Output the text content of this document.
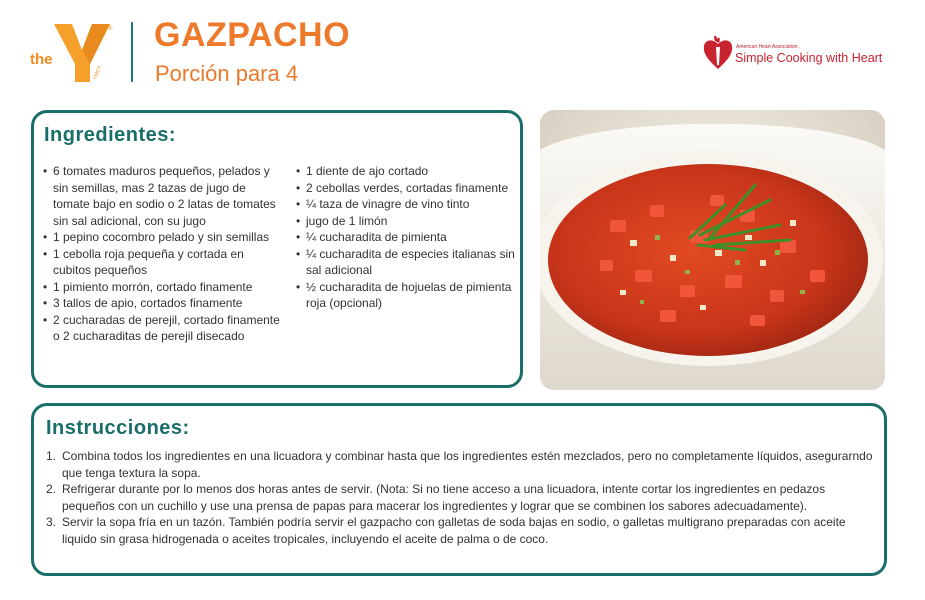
the
YMCA
® GAZPACHO
Porción para 4
American Heart Association.
Simple Cooking with Heart
Ingredientes:
• 6 tomates maduros pequeños, pelados y sin semillas, mas 2 tazas de jugo de tomate bajo en sodio o 2 latas de tomates sin sal adicional, con su jugo
• 1 pepino cocombro pelado y sin semillas
• 1 cebolla roja pequeña y cortada en cubitos pequeños
• 1 pimiento morrón, cortado finamente
• 3 tallos de apio, cortados finamente
• 2 cucharadas de perejil, cortado finamente o 2 cucharaditas de perejil disecado
• 1 diente de ajo cortado
• 2 cebollas verdes, cortadas finamente
• ¼ taza de vinagre de vino tinto
• jugo de 1 limón
• ¼ cucharadita de pimienta
• ¼ cucharadita de especies italianas sin sal adicional
• ½ cucharadita de hojuelas de pimienta roja (opcional)
Instrucciones:
1. Combina todos los ingredientes en una licuadora y combinar hasta que los ingredientes estén mezclados, pero no completamente líquidos, asegurarndo que tenga textura la sopa.
2. Refrigerar durante por lo menos dos horas antes de servir. (Nota: Si no tiene acceso a una licuadora, intente cortar los ingredientes en pedazos pequeños con un cuchillo y use una prensa de papas para macerar los ingredientes y lograr que se combinen los sabores adecuadamente).
3. Servir la sopa fría en un tazón. También podría servir el gazpacho con galletas de soda bajas en sodio, o galletas multigrano preparadas con aceite liquido sin grasa hidrogenada o aceites tropicales, incluyendo el aceite de palma o de coco.
